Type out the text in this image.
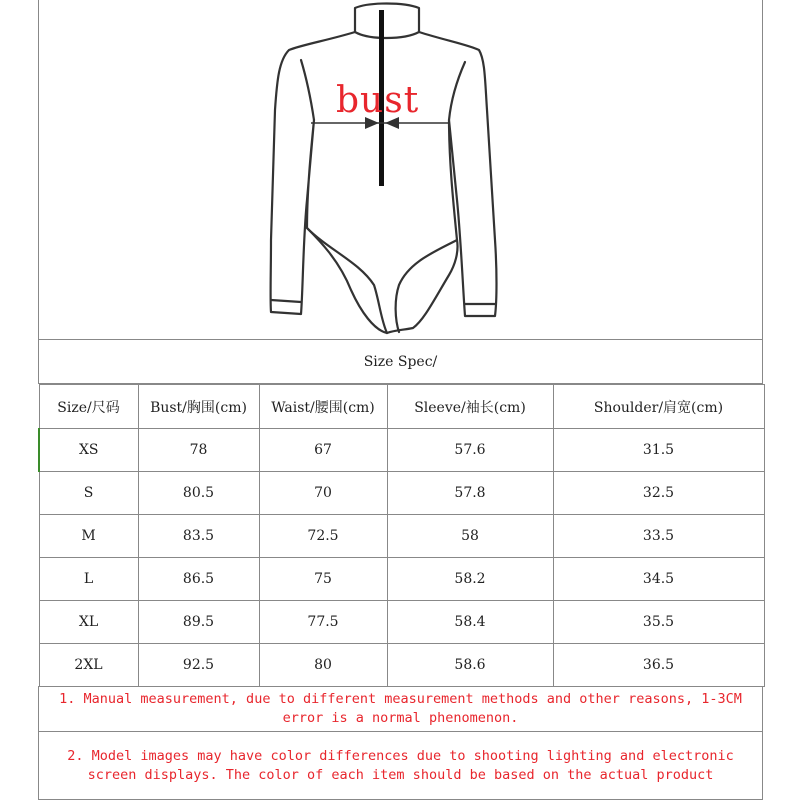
bust
Size Spec/
Size/尺码	Bust/胸围(cm)	Waist/腰围(cm)	Sleeve/袖长(cm)	Shoulder/肩宽(cm)
XS	78	67	57.6	31.5
S	80.5	70	57.8	32.5
M	83.5	72.5	58	33.5
L	86.5	75	58.2	34.5
XL	89.5	77.5	58.4	35.5
2XL	92.5	80	58.6	36.5
1. Manual measurement, due to different measurement methods and other reasons, 1-3CM error is a normal phenomenon.
2. Model images may have color differences due to shooting lighting and electronic screen displays. The color of each item should be based on the actual product
